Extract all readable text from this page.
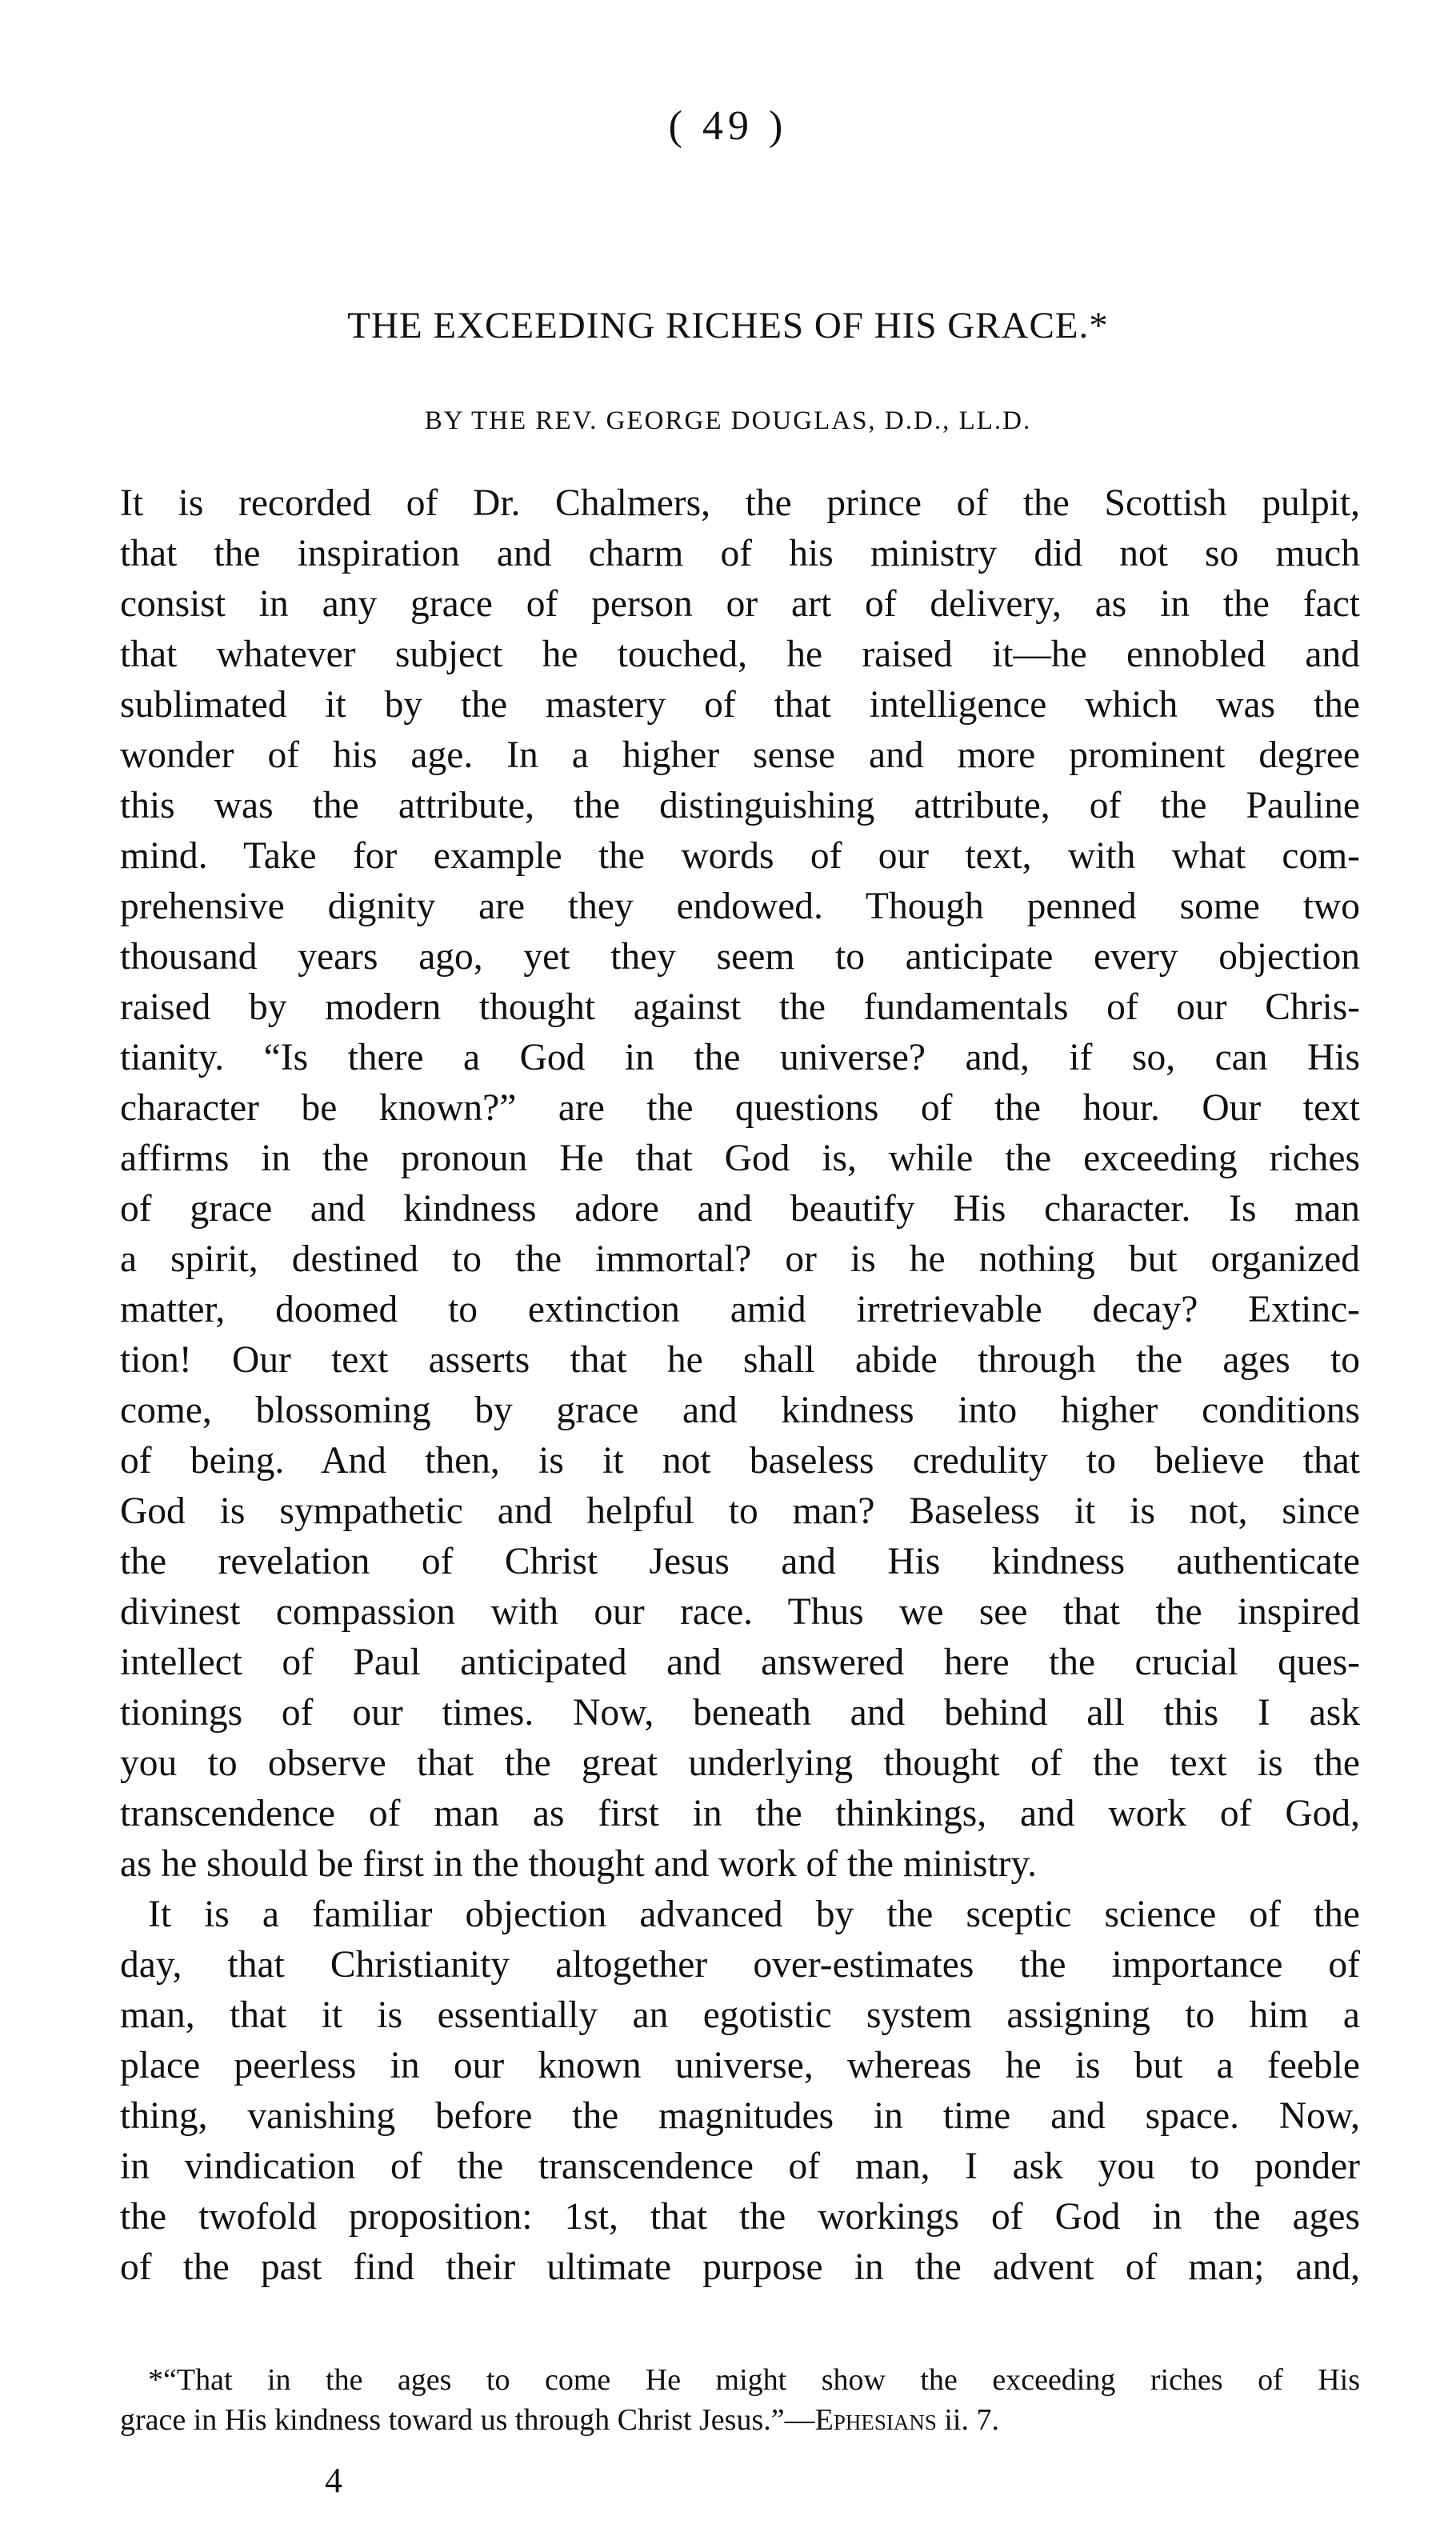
( 49 )
THE EXCEEDING RICHES OF HIS GRACE.*
BY THE REV. GEORGE DOUGLAS, D.D., LL.D.
It is recorded of Dr. Chalmers, the prince of the Scottish pulpit,
that the inspiration and charm of his ministry did not so much
consist in any grace of person or art of delivery, as in the fact
that whatever subject he touched, he raised it—he ennobled and
sublimated it by the mastery of that intelligence which was the
wonder of his age. In a higher sense and more prominent degree
this was the attribute, the distinguishing attribute, of the Pauline
mind. Take for example the words of our text, with what com-
prehensive dignity are they endowed. Though penned some two
thousand years ago, yet they seem to anticipate every objection
raised by modern thought against the fundamentals of our Chris-
tianity. “Is there a God in the universe? and, if so, can His
character be known?” are the questions of the hour. Our text
affirms in the pronoun He that God is, while the exceeding riches
of grace and kindness adore and beautify His character. Is man
a spirit, destined to the immortal? or is he nothing but organized
matter, doomed to extinction amid irretrievable decay? Extinc-
tion! Our text asserts that he shall abide through the ages to
come, blossoming by grace and kindness into higher conditions
of being. And then, is it not baseless credulity to believe that
God is sympathetic and helpful to man? Baseless it is not, since
the revelation of Christ Jesus and His kindness authenticate
divinest compassion with our race. Thus we see that the inspired
intellect of Paul anticipated and answered here the crucial ques-
tionings of our times. Now, beneath and behind all this I ask
you to observe that the great underlying thought of the text is the
transcendence of man as first in the thinkings, and work of God,
as he should be first in the thought and work of the ministry.
It is a familiar objection advanced by the sceptic science of the
day, that Christianity altogether over-estimates the importance of
man, that it is essentially an egotistic system assigning to him a
place peerless in our known universe, whereas he is but a feeble
thing, vanishing before the magnitudes in time and space. Now,
in vindication of the transcendence of man, I ask you to ponder
the twofold proposition: 1st, that the workings of God in the ages
of the past find their ultimate purpose in the advent of man; and,
*“That in the ages to come He might show the exceeding riches of His
grace in His kindness toward us through Christ Jesus.”—Ephesians ii. 7.
4
